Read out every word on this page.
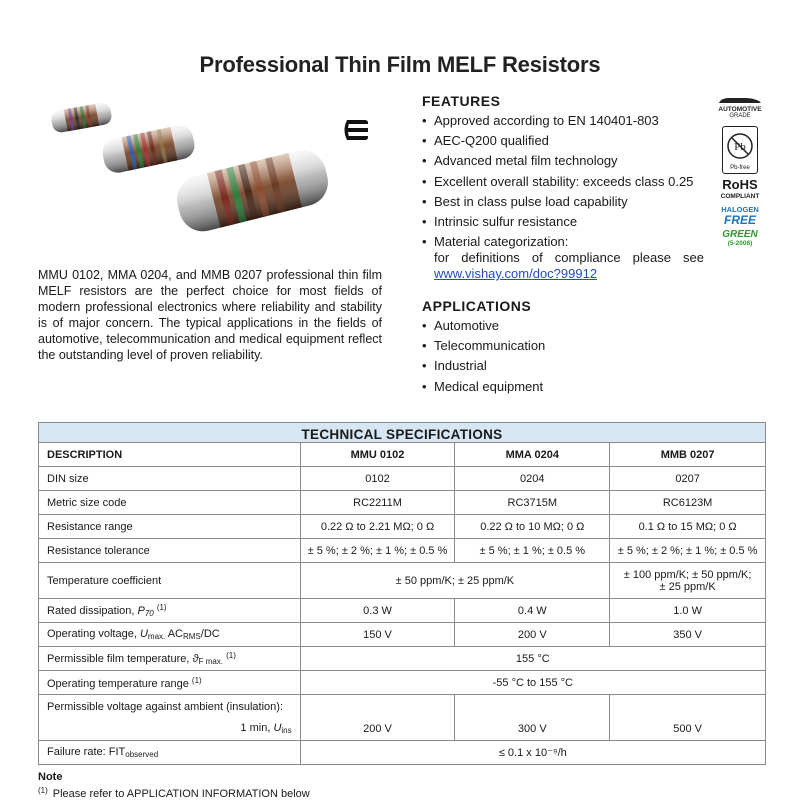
Professional Thin Film MELF Resistors
FEATURES
• Approved according to EN 140401-803
• AEC-Q200 qualified
• Advanced metal film technology
• Excellent overall stability: exceeds class 0.25
• Best in class pulse load capability
• Intrinsic sulfur resistance
• Material categorization:
for definitions of compliance please see
www.vishay.com/doc?99912
APPLICATIONS
• Automotive
• Telecommunication
• Industrial
• Medical equipment

MMU 0102, MMA 0204, and MMB 0207 professional thin film MELF resistors are the perfect choice for most fields of modern professional electronics where reliability and stability is of major concern. The typical applications in the fields of automotive, telecommunication and medical equipment reflect the outstanding level of proven reliability.

AUTOMOTIVE
GRADE
Pb
Pb-free
RoHS
COMPLIANT
HALOGEN
FREE
GREEN
(5-2008)
TECHNICAL SPECIFICATIONS			
DESCRIPTION	MMU 0102	MMA 0204	MMB 0207
DIN size	0102	0204	0207
Metric size code	RC2211M	RC3715M	RC6123M
Resistance range	0.22 Ω to 2.21 MΩ; 0 Ω	0.22 Ω to 10 MΩ; 0 Ω	0.1 Ω to 15 MΩ; 0 Ω
Resistance tolerance	± 5 %; ± 2 %; ± 1 %; ± 0.5 %	± 5 %; ± 1 %; ± 0.5 %	± 5 %; ± 2 %; ± 1 %; ± 0.5 %
Temperature coefficient	± 50 ppm/K; ± 25 ppm/K		± 100 ppm/K; ± 50 ppm/K;
± 25 ppm/K
Rated dissipation, $P_{70}$ $^{(1)}$	0.3 W	0.4 W	1.0 W
Operating voltage, $U_{max.}$ $AC_{RMS}/DC$	150 V	200 V	350 V
Permissible film temperature, $ϑ_{F max.}$ $^{(1)}$	155 °C		
Operating temperature range $^{(1)}$	-55 °C to 155 °C		

Permissible voltage against ambient (insulation):
1 min, $U_{ins}$	200 V	300 V	500 V
Failure rate: $FIT_{observed}$	≤ 0.1 x 10⁻⁹/h		
Note
$^{(1)}$ Please refer to APPLICATION INFORMATION below
